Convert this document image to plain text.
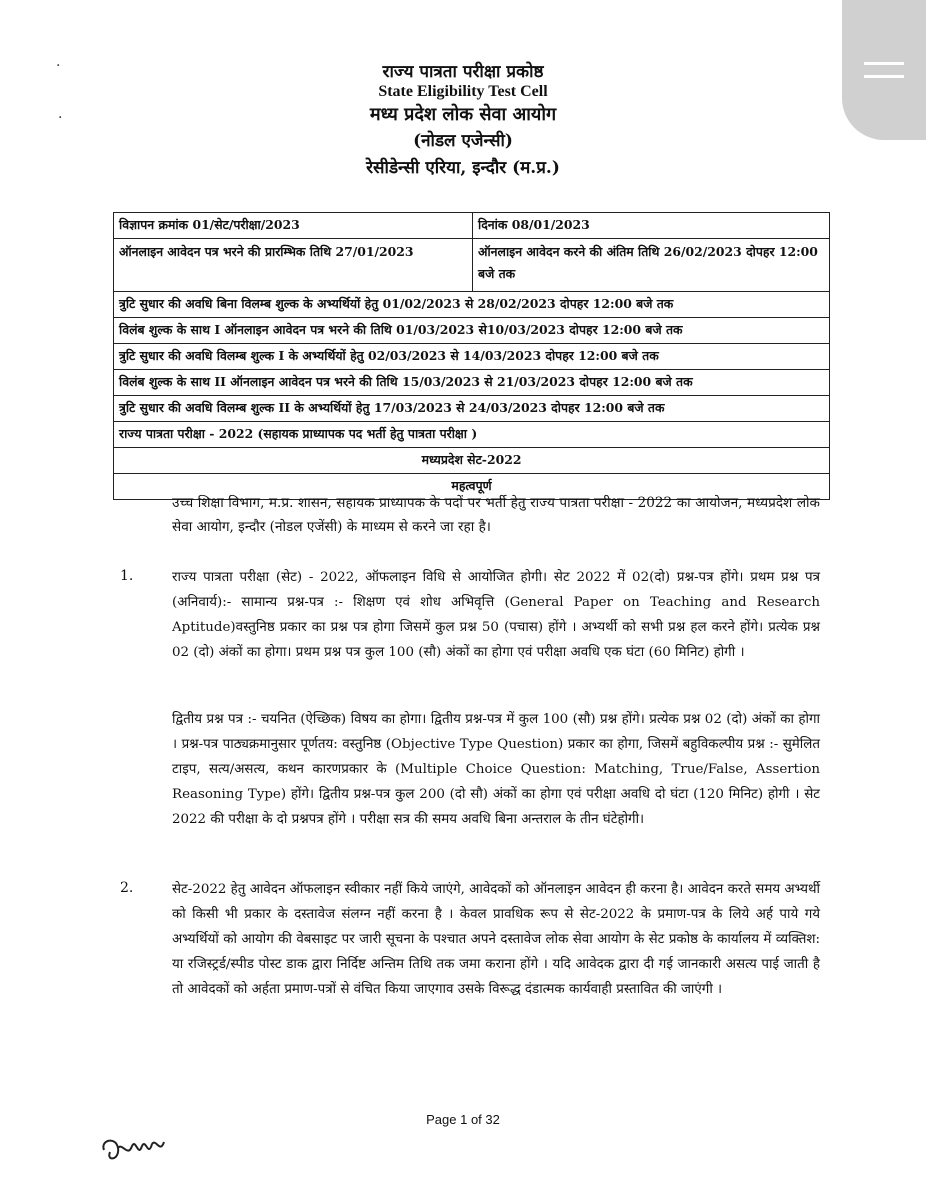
·
·
राज्य पात्रता परीक्षा प्रकोष्ठ
State Eligibility Test Cell
मध्य प्रदेश लोक सेवा आयोग
(नोडल एजेन्सी)
रेसीडेन्सी एरिया, इन्दौर (म.प्र.)
विज्ञापन क्रमांक 01/सेट/परीक्षा/2023	दिनांक 08/01/2023
ऑनलाइन आवेदन पत्र भरने की प्रारम्भिक तिथि 27/01/2023	ऑनलाइन आवेदन करने की अंतिम तिथि 26/02/2023 दोपहर 12:00 बजे तक
त्रुटि सुधार की अवधि बिना विलम्ब शुल्क के अभ्यर्थियों हेतु 01/02/2023 से 28/02/2023 दोपहर 12:00 बजे तक	
विलंब शुल्क के साथ I ऑनलाइन आवेदन पत्र भरने की तिथि 01/03/2023 से10/03/2023 दोपहर 12:00 बजे तक	
त्रुटि सुधार की अवधि विलम्ब शुल्क I के अभ्यर्थियों हेतु 02/03/2023 से 14/03/2023 दोपहर 12:00 बजे तक	
विलंब शुल्क के साथ II ऑनलाइन आवेदन पत्र भरने की तिथि 15/03/2023 से 21/03/2023 दोपहर 12:00 बजे तक	
त्रुटि सुधार की अवधि विलम्ब शुल्क II के अभ्यर्थियों हेतु 17/03/2023 से 24/03/2023 दोपहर 12:00 बजे तक	
राज्य पात्रता परीक्षा - 2022 (सहायक प्राध्यापक पद भर्ती हेतु पात्रता परीक्षा )	
मध्यप्रदेश सेट-2022	
महत्वपूर्ण	
उच्च शिक्षा विभाग, म.प्र. शासन, सहायक प्राध्यापक के पदों पर भर्ती हेतु राज्य पात्रता परीक्षा - 2022 का आयोजन, मध्यप्रदेश लोक सेवा आयोग, इन्दौर (नोडल एजेंसी) के माध्यम से करने जा रहा है।
1.	राज्य पात्रता परीक्षा (सेट) - 2022, ऑफलाइन विधि से आयोजित होगी। सेट 2022 में 02(दो) प्रश्न-पत्र होंगे। प्रथम प्रश्न पत्र (अनिवार्य):- सामान्य प्रश्न-पत्र :- शिक्षण एवं शोध अभिवृत्ति (General Paper on Teaching and Research Aptitude)वस्तुनिष्ठ प्रकार का प्रश्न पत्र होगा जिसमें कुल प्रश्न 50 (पचास) होंगे । अभ्यर्थी को सभी प्रश्न हल करने होंगे। प्रत्येक प्रश्न 02 (दो) अंकों का होगा। प्रथम प्रश्न पत्र कुल 100 (सौ) अंकों का होगा एवं परीक्षा अवधि एक घंटा (60 मिनिट) होगी ।
द्वितीय प्रश्न पत्र :- चयनित (ऐच्छिक) विषय का होगा। द्वितीय प्रश्न-पत्र में कुल 100 (सौ) प्रश्न होंगे। प्रत्येक प्रश्न 02 (दो) अंकों का होगा । प्रश्न-पत्र पाठ्यक्रमानुसार पूर्णतय: वस्तुनिष्ठ (Objective Type Question) प्रकार का होगा, जिसमें बहुविकल्पीय प्रश्न :- सुमेलित टाइप, सत्य/असत्य, कथन कारणप्रकार के (Multiple Choice Question: Matching, True/False, Assertion Reasoning Type) होंगे। द्वितीय प्रश्न-पत्र कुल 200 (दो सौ) अंकों का होगा एवं परीक्षा अवधि दो घंटा (120 मिनिट) होगी । सेट 2022 की परीक्षा के दो प्रश्नपत्र होंगे । परीक्षा सत्र की समय अवधि बिना अन्तराल के तीन घंटेहोगी।
2.	सेट-2022 हेतु आवेदन ऑफलाइन स्वीकार नहीं किये जाएंगे, आवेदकों को ऑनलाइन आवेदन ही करना है। आवेदन करते समय अभ्यर्थी को किसी भी प्रकार के दस्तावेज संलग्न नहीं करना है । केवल प्रावधिक रूप से सेट-2022 के प्रमाण-पत्र के लिये अर्ह पाये गये अभ्यर्थियों को आयोग की वेबसाइट पर जारी सूचना के पश्चात अपने दस्तावेज लोक सेवा आयोग के सेट प्रकोष्ठ के कार्यालय में व्यक्तिश: या रजिस्ट्रर्ड/स्पीड पोस्ट डाक द्वारा निर्दिष्ट अन्तिम तिथि तक जमा कराना होंगे । यदि आवेदक द्वारा दी गई जानकारी असत्य पाई जाती है तो आवेदकों को अर्हता प्रमाण-पत्रों से वंचित किया जाएगाव उसके विरूद्ध दंडात्मक कार्यवाही प्रस्तावित की जाएंगी ।
Page 1 of 32
